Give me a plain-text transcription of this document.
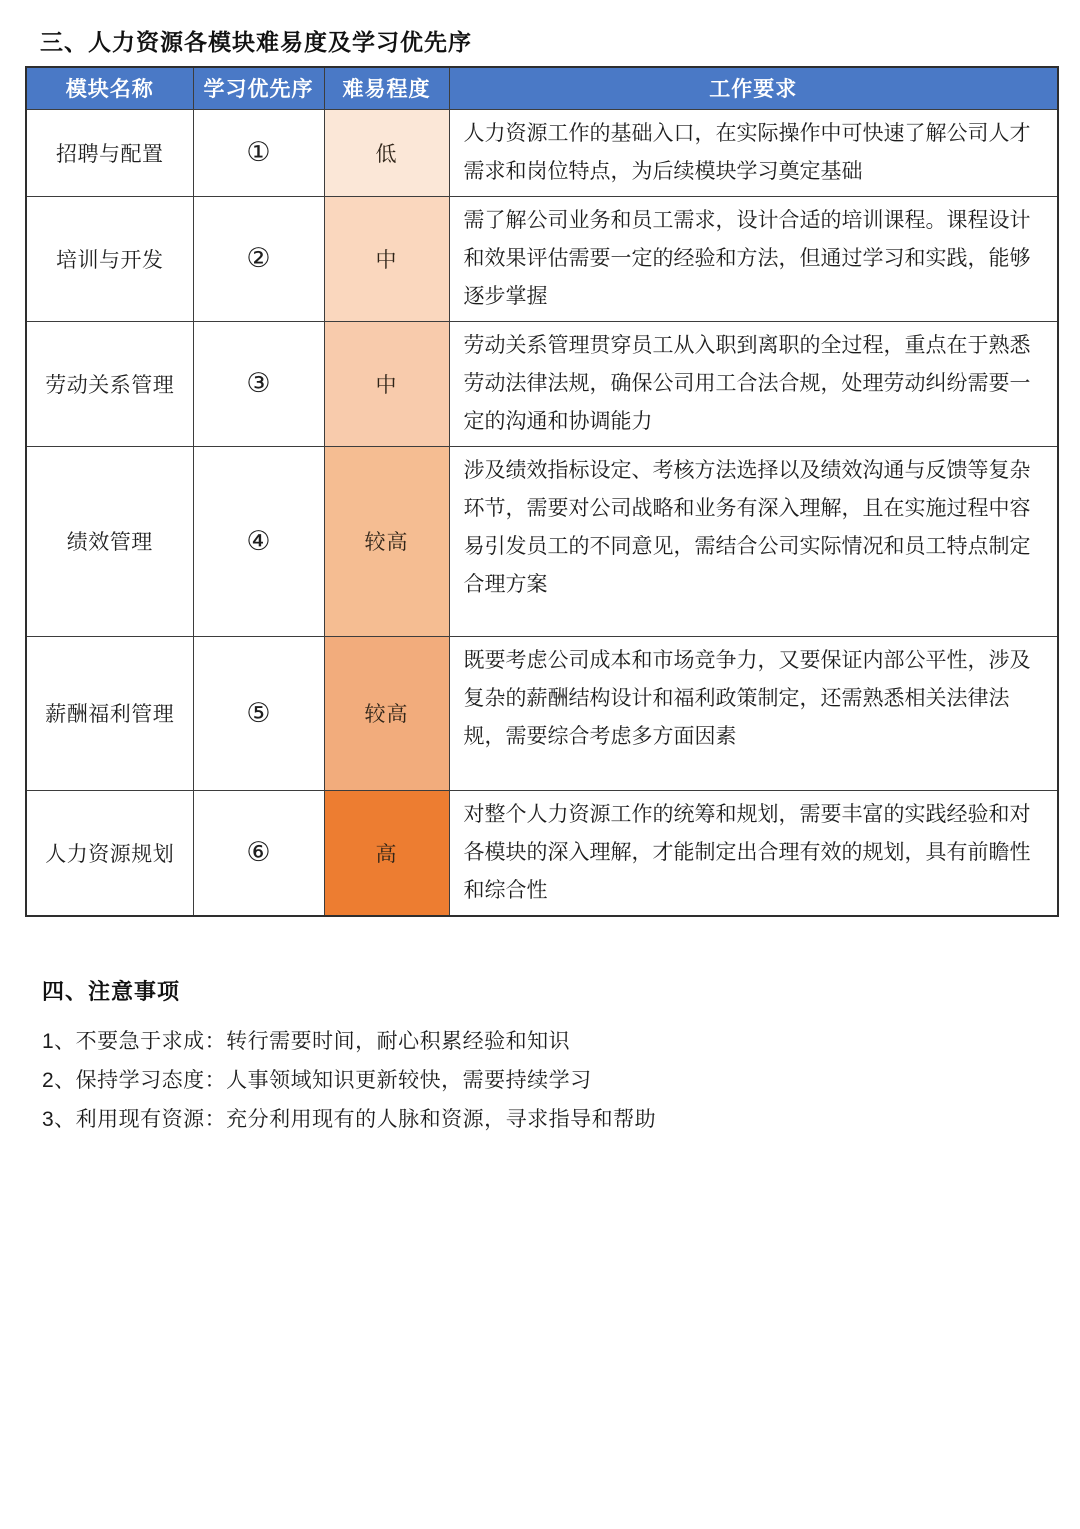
三、人力资源各模块难易度及学习优先序
模块名称	学习优先序	难易程度	工作要求
招聘与配置	①	低	人力资源工作的基础入口，在实际操作中可快速了解公司人才需求和岗位特点，为后续模块学习奠定基础
培训与开发	②	中	需了解公司业务和员工需求，设计合适的培训课程。课程设计和效果评估需要一定的经验和方法，但通过学习和实践，能够逐步掌握
劳动关系管理	③	中	劳动关系管理贯穿员工从入职到离职的全过程，重点在于熟悉劳动法律法规，确保公司用工合法合规，处理劳动纠纷需要一定的沟通和协调能力
绩效管理	④	较高	涉及绩效指标设定、考核方法选择以及绩效沟通与反馈等复杂环节，需要对公司战略和业务有深入理解，且在实施过程中容易引发员工的不同意见，需结合公司实际情况和员工特点制定合理方案
薪酬福利管理	⑤	较高	既要考虑公司成本和市场竞争力，又要保证内部公平性，涉及复杂的薪酬结构设计和福利政策制定，还需熟悉相关法律法规，需要综合考虑多方面因素
人力资源规划	⑥	高	对整个人力资源工作的统筹和规划，需要丰富的实践经验和对各模块的深入理解，才能制定出合理有效的规划，具有前瞻性和综合性
四、注意事项

1、不要急于求成：转行需要时间，耐心积累经验和知识

2、保持学习态度：人事领域知识更新较快，需要持续学习

3、利用现有资源：充分利用现有的人脉和资源，寻求指导和帮助
